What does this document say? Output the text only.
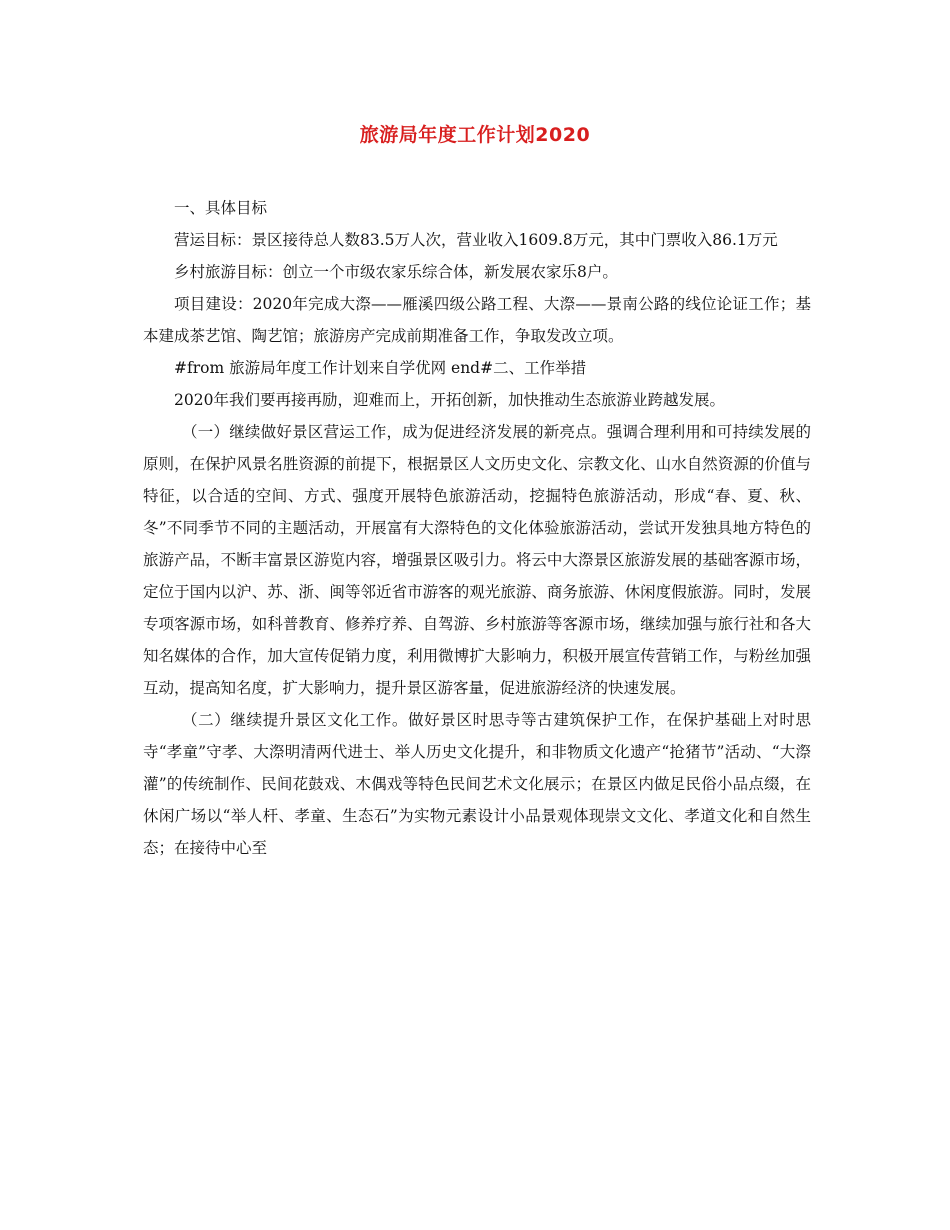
旅游局年度工作计划2020

一、具体目标

营运目标：景区接待总人数83.5万人次，营业收入1609.8万元，其中门票收入86.1万元

乡村旅游目标：创立一个市级农家乐综合体，新发展农家乐8户。

项目建设：2020年完成大漈——雁溪四级公路工程、大漈——景南公路的线位论证工作；基本建成茶艺馆、陶艺馆；旅游房产完成前期准备工作，争取发改立项。

#from 旅游局年度工作计划来自学优网 end#二、工作举措

2020年我们要再接再励，迎难而上，开拓创新，加快推动生态旅游业跨越发展。

（一）继续做好景区营运工作，成为促进经济发展的新亮点。强调合理利用和可持续发展的原则，在保护风景名胜资源的前提下，根据景区人文历史文化、宗教文化、山水自然资源的价值与特征，以合适的空间、方式、强度开展特色旅游活动，挖掘特色旅游活动，形成“春、夏、秋、冬”不同季节不同的主题活动，开展富有大漈特色的文化体验旅游活动，尝试开发独具地方特色的旅游产品，不断丰富景区游览内容，增强景区吸引力。将云中大漈景区旅游发展的基础客源市场，定位于国内以沪、苏、浙、闽等邻近省市游客的观光旅游、商务旅游、休闲度假旅游。同时，发展专项客源市场，如科普教育、修养疗养、自驾游、乡村旅游等客源市场，继续加强与旅行社和各大知名媒体的合作，加大宣传促销力度，利用微博扩大影响力，积极开展宣传营销工作，与粉丝加强互动，提高知名度，扩大影响力，提升景区游客量，促进旅游经济的快速发展。

（二）继续提升景区文化工作。做好景区时思寺等古建筑保护工作，在保护基础上对时思寺“孝童”守孝、大漈明清两代进士、举人历史文化提升，和非物质文化遗产“抢猪节”活动、“大漈灌”的传统制作、民间花鼓戏、木偶戏等特色民间艺术文化展示；在景区内做足民俗小品点缀，在休闲广场以“举人杆、孝童、生态石”为实物元素设计小品景观体现崇文文化、孝道文化和自然生态；在接待中心至
